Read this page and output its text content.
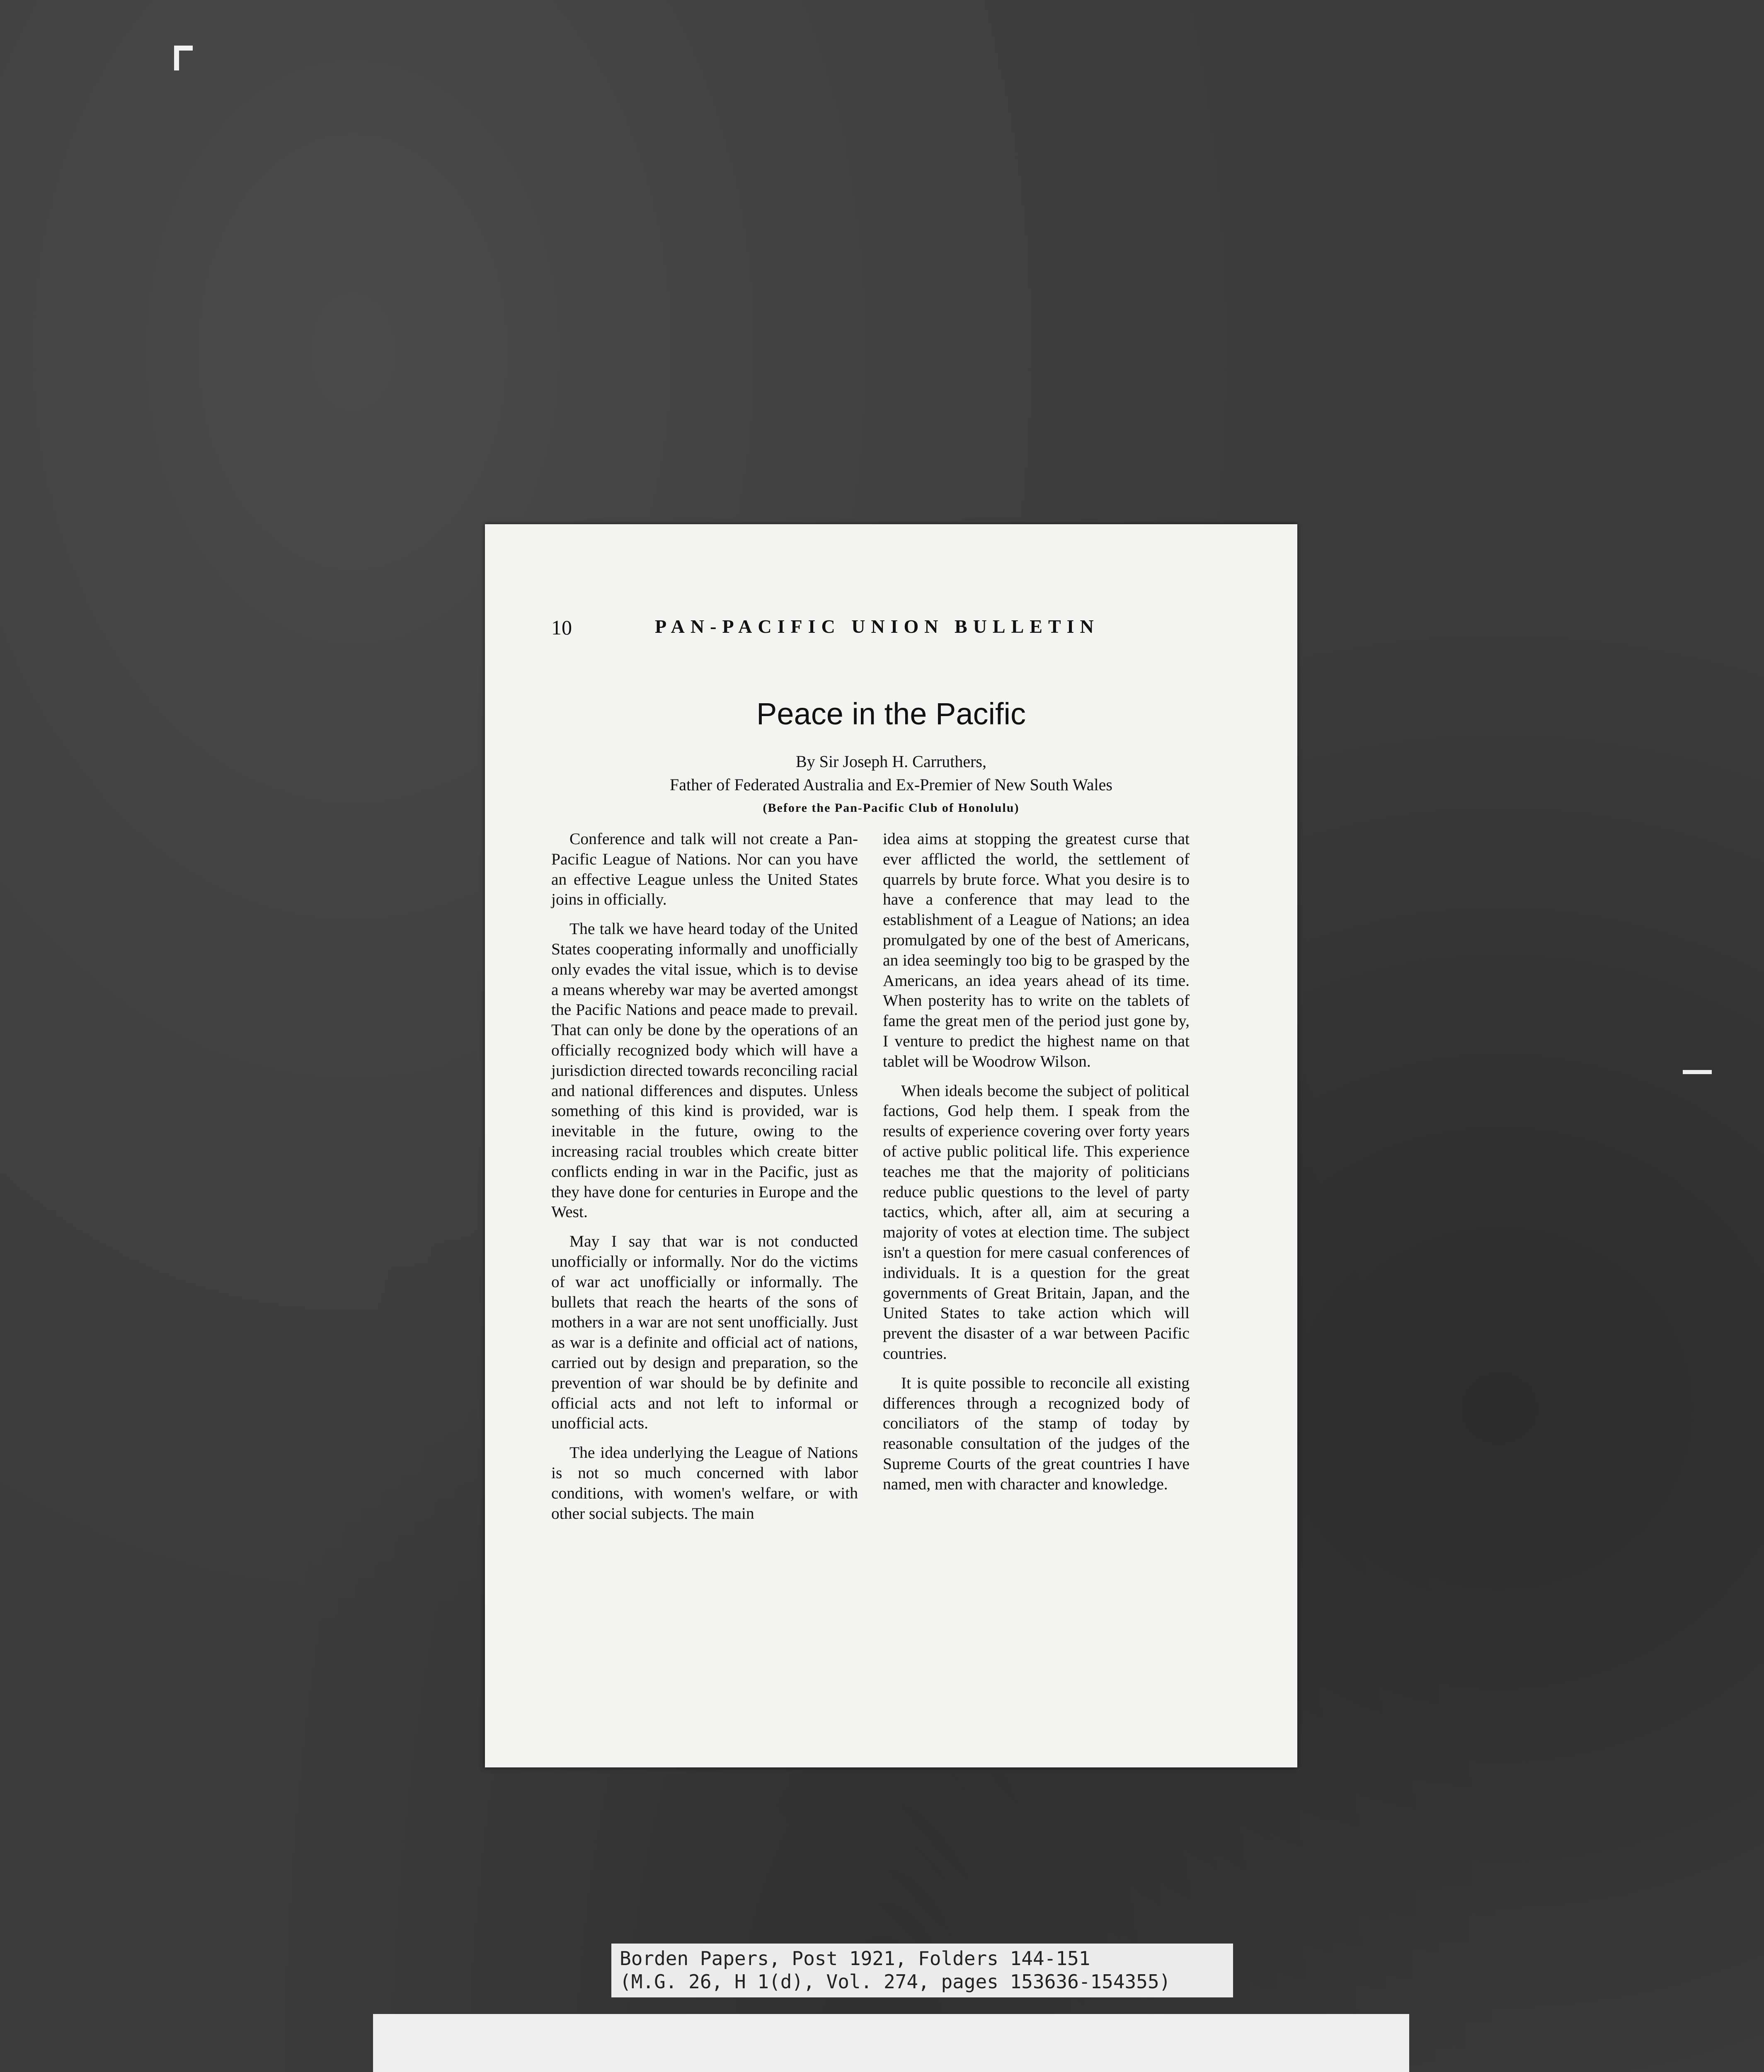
10	PAN-PACIFIC UNION BULLETIN
Peace in the Pacific
By Sir Joseph H. Carruthers,
Father of Federated Australia and Ex-Premier of New South Wales
(Before the Pan-Pacific Club of Honolulu)

Conference and talk will not create a Pan-Pacific League of Nations. Nor can you have an effective League unless the United States joins in officially.

The talk we have heard today of the United States cooperating informally and unofficially only evades the vital issue, which is to devise a means whereby war may be averted amongst the Pacific Nations and peace made to prevail. That can only be done by the operations of an officially recognized body which will have a jurisdiction directed towards reconciling racial and national differences and disputes. Unless something of this kind is provided, war is inevitable in the future, owing to the increasing racial troubles which create bitter conflicts ending in war in the Pacific, just as they have done for centuries in Europe and the West.

May I say that war is not conducted unofficially or informally. Nor do the victims of war act unofficially or informally. The bullets that reach the hearts of the sons of mothers in a war are not sent unofficially. Just as war is a definite and official act of nations, carried out by design and preparation, so the prevention of war should be by definite and official acts and not left to informal or unofficial acts.

The idea underlying the League of Nations is not so much concerned with labor conditions, with women's welfare, or with other social subjects. The main

idea aims at stopping the greatest curse that ever afflicted the world, the settlement of quarrels by brute force. What you desire is to have a conference that may lead to the establishment of a League of Nations; an idea promulgated by one of the best of Americans, an idea seemingly too big to be grasped by the Americans, an idea years ahead of its time. When posterity has to write on the tablets of fame the great men of the period just gone by, I venture to predict the highest name on that tablet will be Woodrow Wilson.

When ideals become the subject of political factions, God help them. I speak from the results of experience covering over forty years of active public political life. This experience teaches me that the majority of politicians reduce public questions to the level of party tactics, which, after all, aim at securing a majority of votes at election time. The subject isn't a question for mere casual conferences of individuals. It is a question for the great governments of Great Britain, Japan, and the United States to take action which will prevent the disaster of a war between Pacific countries.

It is quite possible to reconcile all existing differences through a recognized body of conciliators of the stamp of today by reasonable consultation of the judges of the Supreme Courts of the great countries I have named, men with character and knowledge.

Borden Papers, Post 1921, Folders 144-151
(M.G. 26, H 1(d), Vol. 274, pages 153636-154355)
